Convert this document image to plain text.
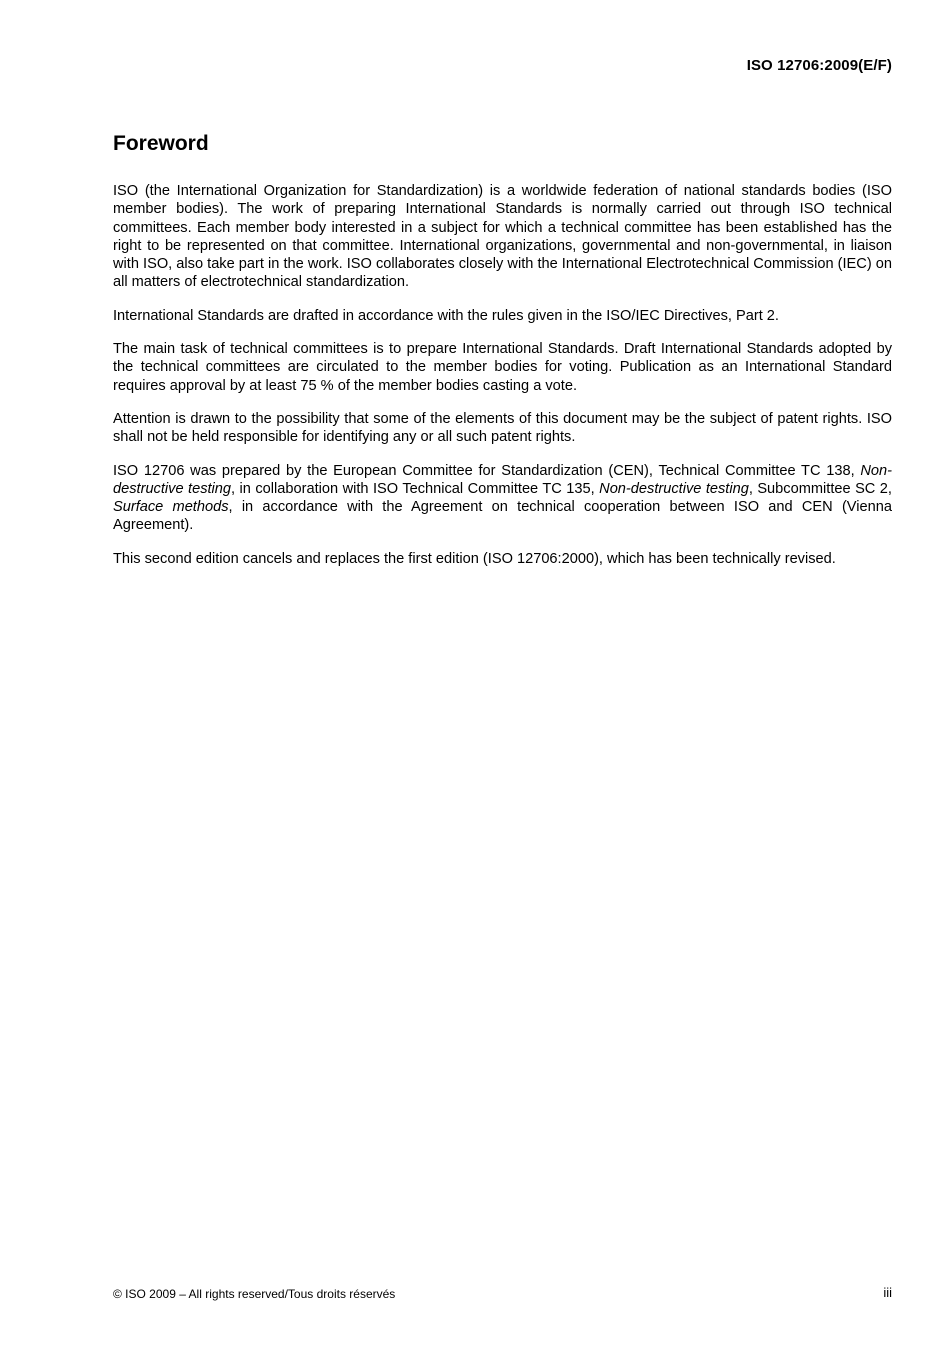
ISO 12706:2009(E/F)
Foreword

ISO (the International Organization for Standardization) is a worldwide federation of national standards bodies (ISO member bodies). The work of preparing International Standards is normally carried out through ISO technical committees. Each member body interested in a subject for which a technical committee has been established has the right to be represented on that committee. International organizations, governmental and non-governmental, in liaison with ISO, also take part in the work. ISO collaborates closely with the International Electrotechnical Commission (IEC) on all matters of electrotechnical standardization.

International Standards are drafted in accordance with the rules given in the ISO/IEC Directives, Part 2.

The main task of technical committees is to prepare International Standards. Draft International Standards adopted by the technical committees are circulated to the member bodies for voting. Publication as an International Standard requires approval by at least 75 % of the member bodies casting a vote.

Attention is drawn to the possibility that some of the elements of this document may be the subject of patent rights. ISO shall not be held responsible for identifying any or all such patent rights.

ISO 12706 was prepared by the European Committee for Standardization (CEN), Technical Committee TC 138, Non-destructive testing, in collaboration with ISO Technical Committee TC 135, Non-destructive testing, Subcommittee SC 2, Surface methods, in accordance with the Agreement on technical cooperation between ISO and CEN (Vienna Agreement).

This second edition cancels and replaces the first edition (ISO 12706:2000), which has been technically revised.

© ISO 2009 – All rights reserved/Tous droits réservés	iii
